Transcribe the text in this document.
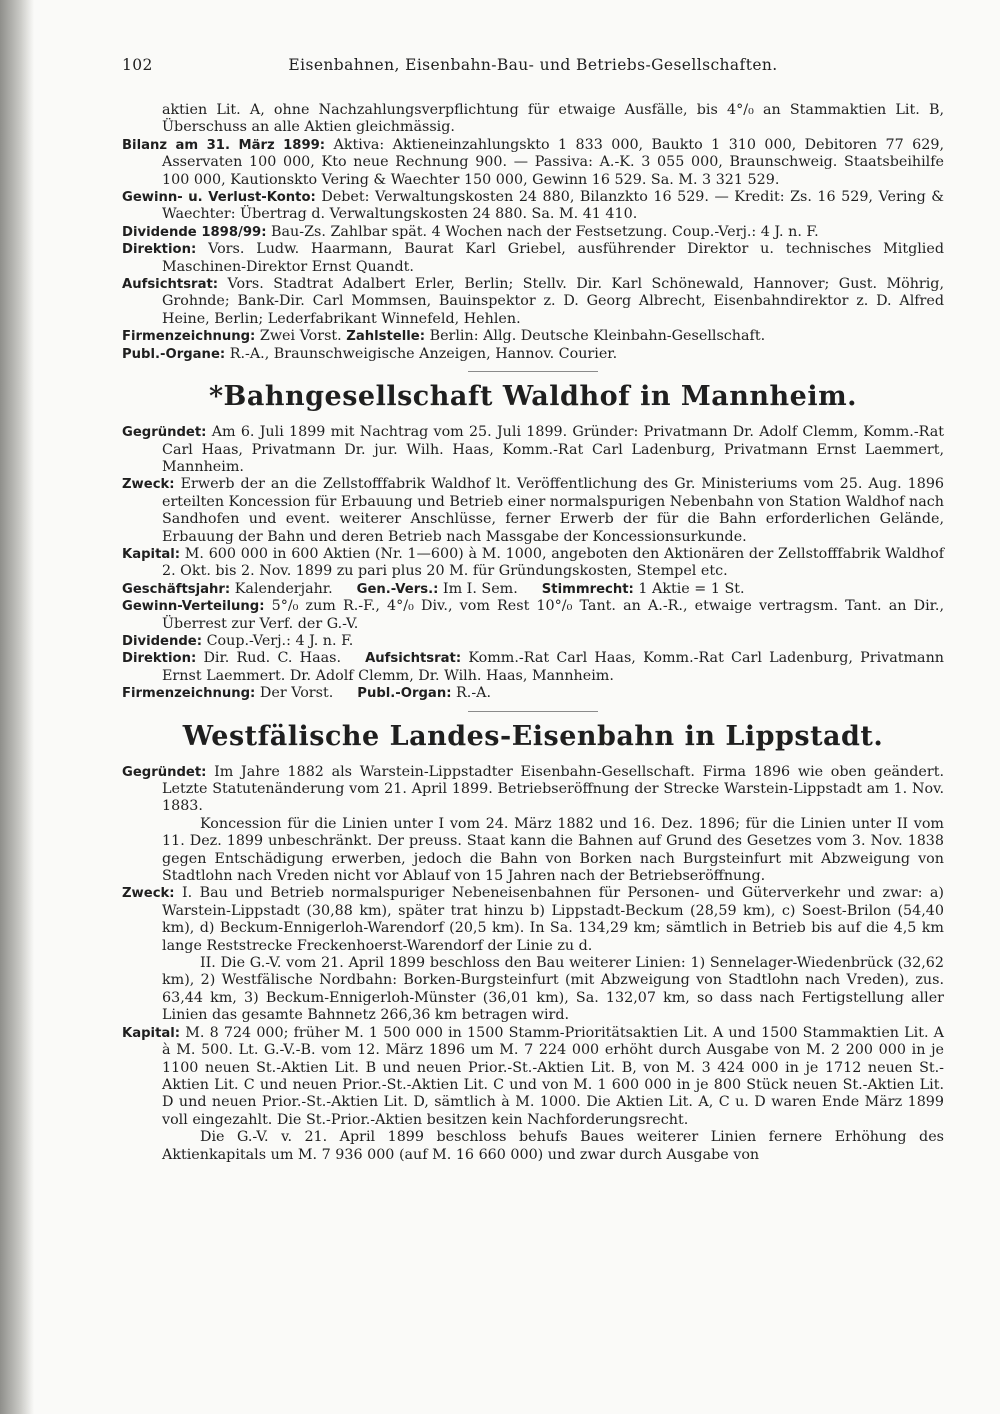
102	Eisenbahnen, Eisenbahn-Bau- und Betriebs-Gesellschaften.

aktien Lit. A, ohne Nachzahlungsverpflichtung für etwaige Ausfälle, bis 4°/₀ an Stammaktien Lit. B, Überschuss an alle Aktien gleichmässig.

Bilanz am 31. März 1899: Aktiva: Aktieneinzahlungskto 1 833 000, Baukto 1 310 000, Debitoren 77 629, Asservaten 100 000, Kto neue Rechnung 900. — Passiva: A.-K. 3 055 000, Braunschweig. Staatsbeihilfe 100 000, Kautionskto Vering & Waechter 150 000, Gewinn 16 529. Sa. M. 3 321 529.

Gewinn- u. Verlust-Konto: Debet: Verwaltungskosten 24 880, Bilanzkto 16 529. — Kredit: Zs. 16 529, Vering & Waechter: Übertrag d. Verwaltungskosten 24 880. Sa. M. 41 410.

Dividende 1898/99: Bau-Zs. Zahlbar spät. 4 Wochen nach der Festsetzung. Coup.-Verj.: 4 J. n. F.

Direktion: Vors. Ludw. Haarmann, Baurat Karl Griebel, ausführender Direktor u. technisches Mitglied Maschinen-Direktor Ernst Quandt.

Aufsichtsrat: Vors. Stadtrat Adalbert Erler, Berlin; Stellv. Dir. Karl Schönewald, Hannover; Gust. Möhrig, Grohnde; Bank-Dir. Carl Mommsen, Bauinspektor z. D. Georg Albrecht, Eisenbahndirektor z. D. Alfred Heine, Berlin; Lederfabrikant Winnefeld, Hehlen.

Firmenzeichnung: Zwei Vorst. Zahlstelle: Berlin: Allg. Deutsche Kleinbahn-Gesellschaft.

Publ.-Organe: R.-A., Braunschweigische Anzeigen, Hannov. Courier.

*Bahngesellschaft Waldhof in Mannheim.

Gegründet: Am 6. Juli 1899 mit Nachtrag vom 25. Juli 1899. Gründer: Privatmann Dr. Adolf Clemm, Komm.-Rat Carl Haas, Privatmann Dr. jur. Wilh. Haas, Komm.-Rat Carl Ladenburg, Privatmann Ernst Laemmert, Mannheim.

Zweck: Erwerb der an die Zellstofffabrik Waldhof lt. Veröffentlichung des Gr. Ministeriums vom 25. Aug. 1896 erteilten Koncession für Erbauung und Betrieb einer normalspurigen Nebenbahn von Station Waldhof nach Sandhofen und event. weiterer Anschlüsse, ferner Erwerb der für die Bahn erforderlichen Gelände, Erbauung der Bahn und deren Betrieb nach Massgabe der Koncessionsurkunde.

Kapital: M. 600 000 in 600 Aktien (Nr. 1—600) à M. 1000, angeboten den Aktionären der Zellstofffabrik Waldhof 2. Okt. bis 2. Nov. 1899 zu pari plus 20 M. für Gründungskosten, Stempel etc.

Geschäftsjahr: Kalenderjahr. Gen.-Vers.: Im I. Sem. Stimmrecht: 1 Aktie = 1 St.

Gewinn-Verteilung: 5°/₀ zum R.-F., 4°/₀ Div., vom Rest 10°/₀ Tant. an A.-R., etwaige vertragsm. Tant. an Dir., Überrest zur Verf. der G.-V.

Dividende: Coup.-Verj.: 4 J. n. F.

Direktion: Dir. Rud. C. Haas. Aufsichtsrat: Komm.-Rat Carl Haas, Komm.-Rat Carl Ladenburg, Privatmann Ernst Laemmert. Dr. Adolf Clemm, Dr. Wilh. Haas, Mannheim.

Firmenzeichnung: Der Vorst. Publ.-Organ: R.-A.

Westfälische Landes-Eisenbahn in Lippstadt.

Gegründet: Im Jahre 1882 als Warstein-Lippstadter Eisenbahn-Gesellschaft. Firma 1896 wie oben geändert. Letzte Statutenänderung vom 21. April 1899. Betriebseröffnung der Strecke Warstein-Lippstadt am 1. Nov. 1883.

Koncession für die Linien unter I vom 24. März 1882 und 16. Dez. 1896; für die Linien unter II vom 11. Dez. 1899 unbeschränkt. Der preuss. Staat kann die Bahnen auf Grund des Gesetzes vom 3. Nov. 1838 gegen Entschädigung erwerben, jedoch die Bahn von Borken nach Burgsteinfurt mit Abzweigung von Stadtlohn nach Vreden nicht vor Ablauf von 15 Jahren nach der Betriebseröffnung.

Zweck: I. Bau und Betrieb normalspuriger Nebeneisenbahnen für Personen- und Güterverkehr und zwar: a) Warstein-Lippstadt (30,88 km), später trat hinzu b) Lippstadt-Beckum (28,59 km), c) Soest-Brilon (54,40 km), d) Beckum-Ennigerloh-Warendorf (20,5 km). In Sa. 134,29 km; sämtlich in Betrieb bis auf die 4,5 km lange Reststrecke Freckenhoerst-Warendorf der Linie zu d.

II. Die G.-V. vom 21. April 1899 beschloss den Bau weiterer Linien: 1) Sennelager-Wiedenbrück (32,62 km), 2) Westfälische Nordbahn: Borken-Burgsteinfurt (mit Abzweigung von Stadtlohn nach Vreden), zus. 63,44 km, 3) Beckum-Ennigerloh-Münster (36,01 km), Sa. 132,07 km, so dass nach Fertigstellung aller Linien das gesamte Bahnnetz 266,36 km betragen wird.

Kapital: M. 8 724 000; früher M. 1 500 000 in 1500 Stamm-Prioritätsaktien Lit. A und 1500 Stammaktien Lit. A à M. 500. Lt. G.-V.-B. vom 12. März 1896 um M. 7 224 000 erhöht durch Ausgabe von M. 2 200 000 in je 1100 neuen St.-Aktien Lit. B und neuen Prior.-St.-Aktien Lit. B, von M. 3 424 000 in je 1712 neuen St.-Aktien Lit. C und neuen Prior.-St.-Aktien Lit. C und von M. 1 600 000 in je 800 Stück neuen St.-Aktien Lit. D und neuen Prior.-St.-Aktien Lit. D, sämtlich à M. 1000. Die Aktien Lit. A, C u. D waren Ende März 1899 voll eingezahlt. Die St.-Prior.-Aktien besitzen kein Nachforderungsrecht.

Die G.-V. v. 21. April 1899 beschloss behufs Baues weiterer Linien fernere Erhöhung des Aktienkapitals um M. 7 936 000 (auf M. 16 660 000) und zwar durch Ausgabe von
